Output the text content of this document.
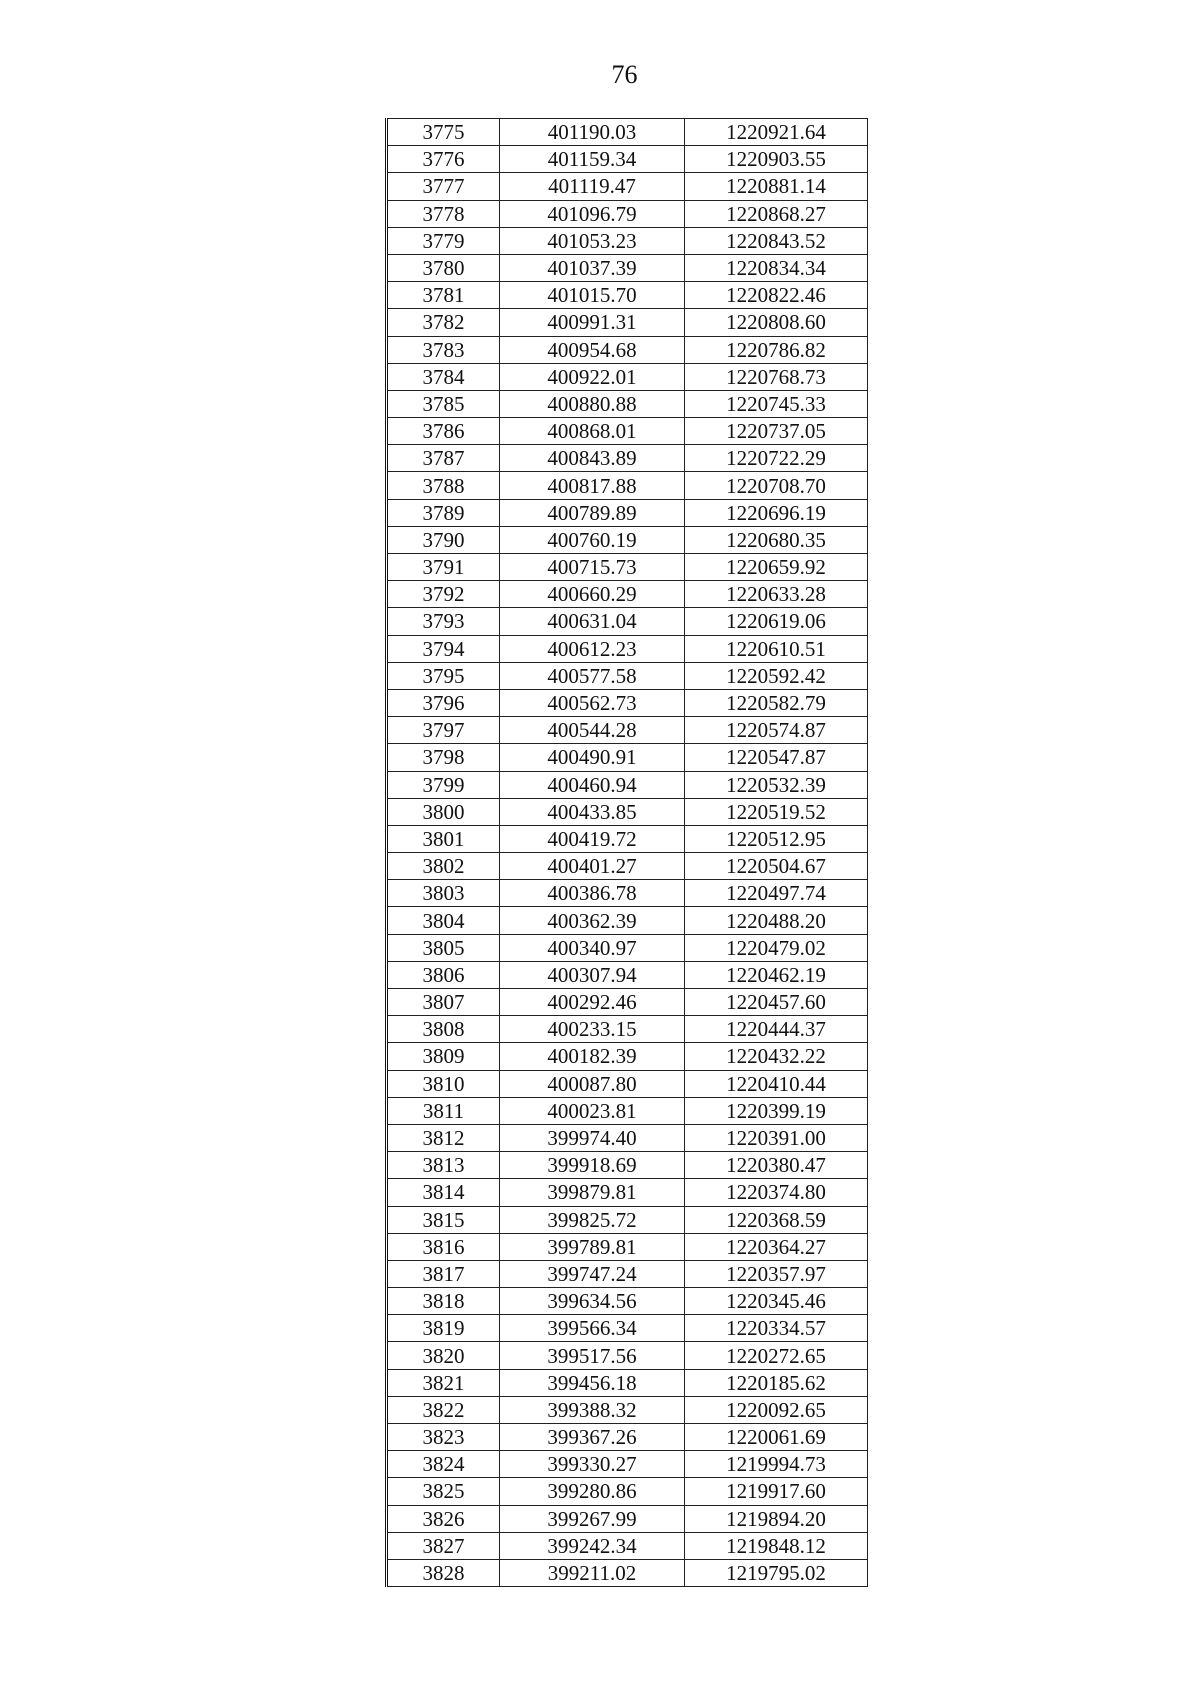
76
3775	401190.03	1220921.64
3776	401159.34	1220903.55
3777	401119.47	1220881.14
3778	401096.79	1220868.27
3779	401053.23	1220843.52
3780	401037.39	1220834.34
3781	401015.70	1220822.46
3782	400991.31	1220808.60
3783	400954.68	1220786.82
3784	400922.01	1220768.73
3785	400880.88	1220745.33
3786	400868.01	1220737.05
3787	400843.89	1220722.29
3788	400817.88	1220708.70
3789	400789.89	1220696.19
3790	400760.19	1220680.35
3791	400715.73	1220659.92
3792	400660.29	1220633.28
3793	400631.04	1220619.06
3794	400612.23	1220610.51
3795	400577.58	1220592.42
3796	400562.73	1220582.79
3797	400544.28	1220574.87
3798	400490.91	1220547.87
3799	400460.94	1220532.39
3800	400433.85	1220519.52
3801	400419.72	1220512.95
3802	400401.27	1220504.67
3803	400386.78	1220497.74
3804	400362.39	1220488.20
3805	400340.97	1220479.02
3806	400307.94	1220462.19
3807	400292.46	1220457.60
3808	400233.15	1220444.37
3809	400182.39	1220432.22
3810	400087.80	1220410.44
3811	400023.81	1220399.19
3812	399974.40	1220391.00
3813	399918.69	1220380.47
3814	399879.81	1220374.80
3815	399825.72	1220368.59
3816	399789.81	1220364.27
3817	399747.24	1220357.97
3818	399634.56	1220345.46
3819	399566.34	1220334.57
3820	399517.56	1220272.65
3821	399456.18	1220185.62
3822	399388.32	1220092.65
3823	399367.26	1220061.69
3824	399330.27	1219994.73
3825	399280.86	1219917.60
3826	399267.99	1219894.20
3827	399242.34	1219848.12
3828	399211.02	1219795.02
